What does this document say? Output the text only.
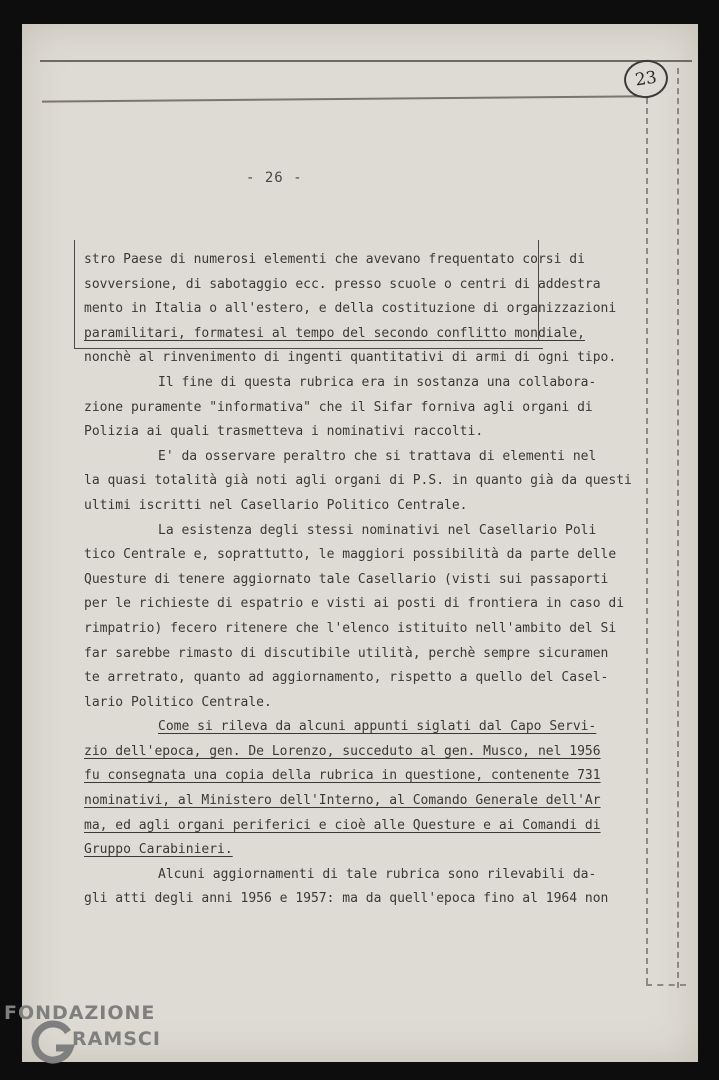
23
- 26 -
stro Paese di numerosi elementi che avevano frequentato corsi di
sovversione, di sabotaggio ecc. presso scuole o centri di addestra
mento in Italia o all'estero, e della costituzione di organizzazioni
paramilitari, formatesi al tempo del secondo conflitto mondiale,
nonchè al rinvenimento di ingenti quantitativi di armi di ogni tipo.
Il fine di questa rubrica era in sostanza una collabora-
zione puramente "informativa" che il Sifar forniva agli organi di
Polizia ai quali trasmetteva i nominativi raccolti.
E' da osservare peraltro che si trattava di elementi nel
la quasi totalità già noti agli organi di P.S. in quanto già da questi
ultimi iscritti nel Casellario Politico Centrale.
La esistenza degli stessi nominativi nel Casellario Poli
tico Centrale e, soprattutto, le maggiori possibilità da parte delle
Questure di tenere aggiornato tale Casellario (visti sui passaporti
per le richieste di espatrio e visti ai posti di frontiera in caso di
rimpatrio) fecero ritenere che l'elenco istituito nell'ambito del Si
far sarebbe rimasto di discutibile utilità, perchè sempre sicuramen
te arretrato, quanto ad aggiornamento, rispetto a quello del Casel-
lario Politico Centrale.
Come si rileva da alcuni appunti siglati dal Capo Servi-
zio dell'epoca, gen. De Lorenzo, succeduto al gen. Musco, nel 1956
fu consegnata una copia della rubrica in questione, contenente 731
nominativi, al Ministero dell'Interno, al Comando Generale dell'Ar
ma, ed agli organi periferici e cioè alle Questure e ai Comandi di
Gruppo Carabinieri.
Alcuni aggiornamenti di tale rubrica sono rilevabili da-
gli atti degli anni 1956 e 1957: ma da quell'epoca fino al 1964 non
FONDAZIONE
RAMSCI
